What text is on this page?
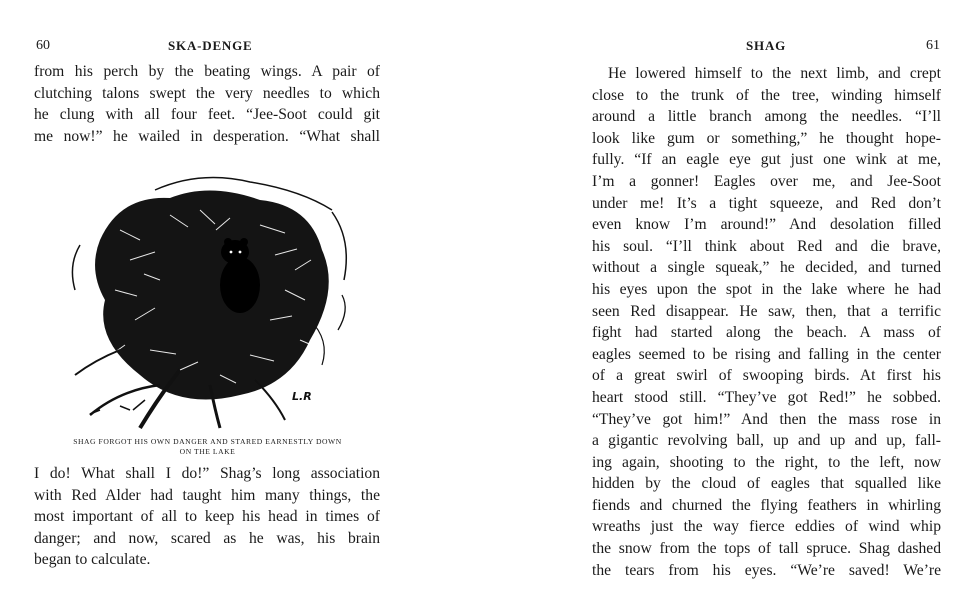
60	SKA-DENGE
from his perch by the beating wings. A pair of
clutching talons swept the very needles to which
he clung with all four feet. “Jee-Soot could git
me now!” he wailed in desperation. “What shall
L.R
SHAG FORGOT HIS OWN DANGER AND STARED EARNESTLY DOWN
ON THE LAKE
I do! What shall I do!” Shag’s long association
with Red Alder had taught him many things, the
most important of all to keep his head in times of
danger; and now, scared as he was, his brain
began to calculate.
SHAG	61
He lowered himself to the next limb, and crept
close to the trunk of the tree, winding himself
around a little branch among the needles. “I’ll
look like gum or something,” he thought hope-
fully. “If an eagle eye gut just one wink at me,
I’m a gonner! Eagles over me, and Jee-Soot
under me! It’s a tight squeeze, and Red don’t
even know I’m around!” And desolation filled
his soul. “I’ll think about Red and die brave,
without a single squeak,” he decided, and turned
his eyes upon the spot in the lake where he had
seen Red disappear. He saw, then, that a terrific
fight had started along the beach. A mass of
eagles seemed to be rising and falling in the center
of a great swirl of swooping birds. At first his
heart stood still. “They’ve got Red!” he sobbed.
“They’ve got him!” And then the mass rose in
a gigantic revolving ball, up and up and up, fall-
ing again, shooting to the right, to the left, now
hidden by the cloud of eagles that squalled like
fiends and churned the flying feathers in whirling
wreaths just the way fierce eddies of wind whip
the snow from the tops of tall spruce. Shag dashed
the tears from his eyes. “We’re saved! We’re
